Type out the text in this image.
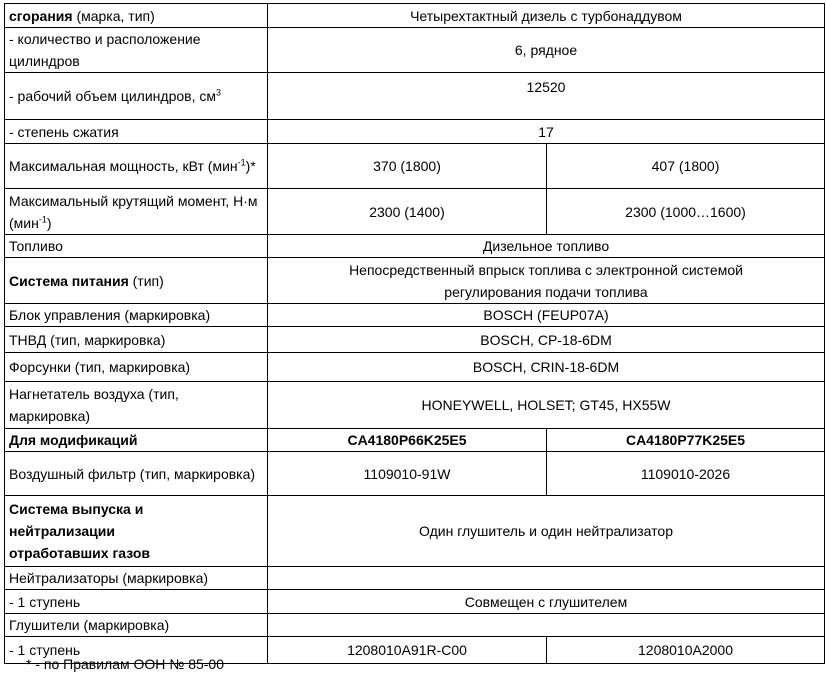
сгорания (марка, тип)	Четырехтактный дизель с турбонаддувом	
- количество и расположение цилиндров	6, рядное	
- рабочий объем цилиндров, $см^3$	12520	
- степень сжатия	17	
Максимальная мощность, кВт (мин$^{-1}$)*	370 (1800)	407 (1800)
Максимальный крутящий момент, Н·м (мин$^{-1}$)	2300 (1400)	2300 (1000…1600)
Топливо	Дизельное топливо	
Система питания (тип)	Непосредственный впрыск топлива с электронной системой регулирования подачи топлива	
Блок управления (маркировка)	BOSCH (FEUP07A)	
ТНВД (тип, маркировка)	BOSCH, CP-18-6DM	
Форсунки (тип, маркировка)	BOSCH, CRIN-18-6DM	
Нагнетатель воздуха (тип, маркировка)	HONEYWELL, HOLSET; GT45, HX55W	
Для модификаций	CA4180P66K25E5	CA4180P77K25E5
Воздушный фильтр (тип, маркировка)	1109010-91W	1109010-2026
Система выпуска и нейтрализации отработавших газов	Один глушитель и один нейтрализатор	
Нейтрализаторы (маркировка)		
- 1 ступень	Совмещен с глушителем	
Глушители (маркировка)		
- 1 ступень	1208010A91R-C00	1208010A2000
* - по Правилам ООН № 85-00
